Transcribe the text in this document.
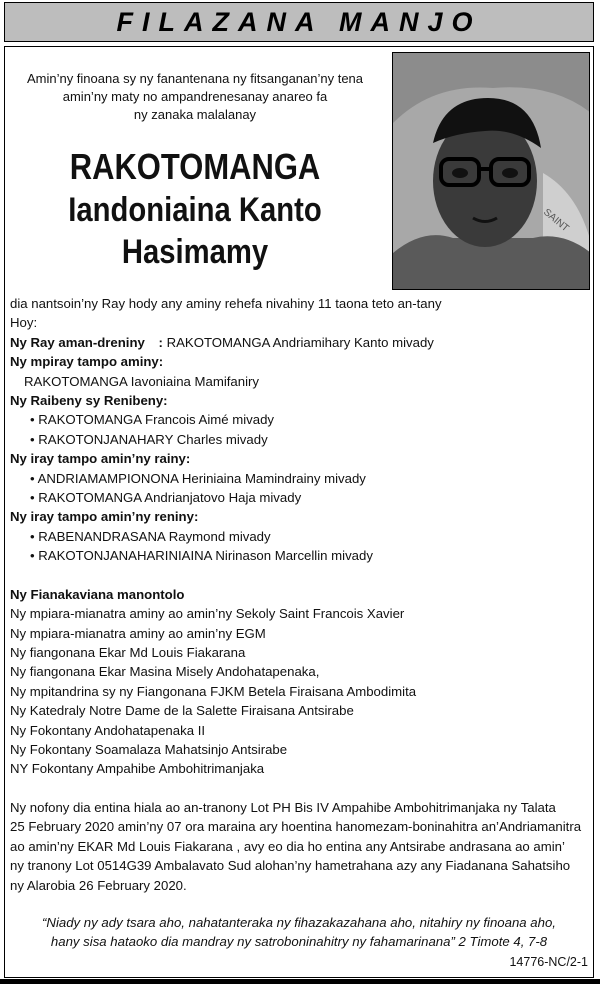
FILAZANA MANJO
Amin’ny finoana sy ny fanantenana ny fitsanganan’ny tena
amin’ny maty no ampandrenesanay anareo fa
ny zanaka malalanay
RAKOTOMANGA
Iandoniaina Kanto
Hasimamy
SAINT

dia nantsoin’ny Ray hody any aminy rehefa nivahiny 11 taona teto an-tany

Hoy:

Ny Ray aman-dreniny : RAKOTOMANGA Andriamihary Kanto mivady

Ny mpiray tampo aminy:

RAKOTOMANGA Iavoniaina Mamifaniry

Ny Raibeny sy Renibeny:

• RAKOTOMANGA Francois Aimé mivady

• RAKOTONJANAHARY Charles mivady

Ny iray tampo amin’ny rainy:

• ANDRIAMAMPIONONA Heriniaina Mamindrainy mivady

• RAKOTOMANGA Andrianjatovo Haja mivady

Ny iray tampo amin’ny reniny:

• RABENANDRASANA Raymond mivady

• RAKOTONJANAHARINIAINA Nirinason Marcellin mivady

Ny Fianakaviana manontolo

Ny mpiara-mianatra aminy ao amin’ny Sekoly Saint Francois Xavier

Ny mpiara-mianatra aminy ao amin’ny EGM

Ny fiangonana Ekar Md Louis Fiakarana

Ny fiangonana Ekar Masina Misely Andohatapenaka,

Ny mpitandrina sy ny Fiangonana FJKM Betela Firaisana Ambodimita

Ny Katedraly Notre Dame de la Salette Firaisana Antsirabe

Ny Fokontany Andohatapenaka II

Ny Fokontany Soamalaza Mahatsinjo Antsirabe

NY Fokontany Ampahibe Ambohitrimanjaka

Ny nofony dia entina hiala ao an-tranony Lot PH Bis IV Ampahibe Ambohitrimanjaka ny Talata
25 February 2020 amin’ny 07 ora maraina ary hoentina hanomezam-boninahitra an’Andriamanitra
ao amin’ny EKAR Md Louis Fiakarana , avy eo dia ho entina any Antsirabe andrasana ao amin’
ny tranony Lot 0514G39 Ambalavato Sud alohan’ny hametrahana azy any Fiadanana Sahatsiho
ny Alarobia 26 February 2020.
“Niady ny ady tsara aho, nahatanteraka ny fihazakazahana aho, nitahiry ny finoana aho,
hany sisa hataoko dia mandray ny satroboninahitry ny fahamarinana” 2 Timote 4, 7-8
14776-NC/2-1
